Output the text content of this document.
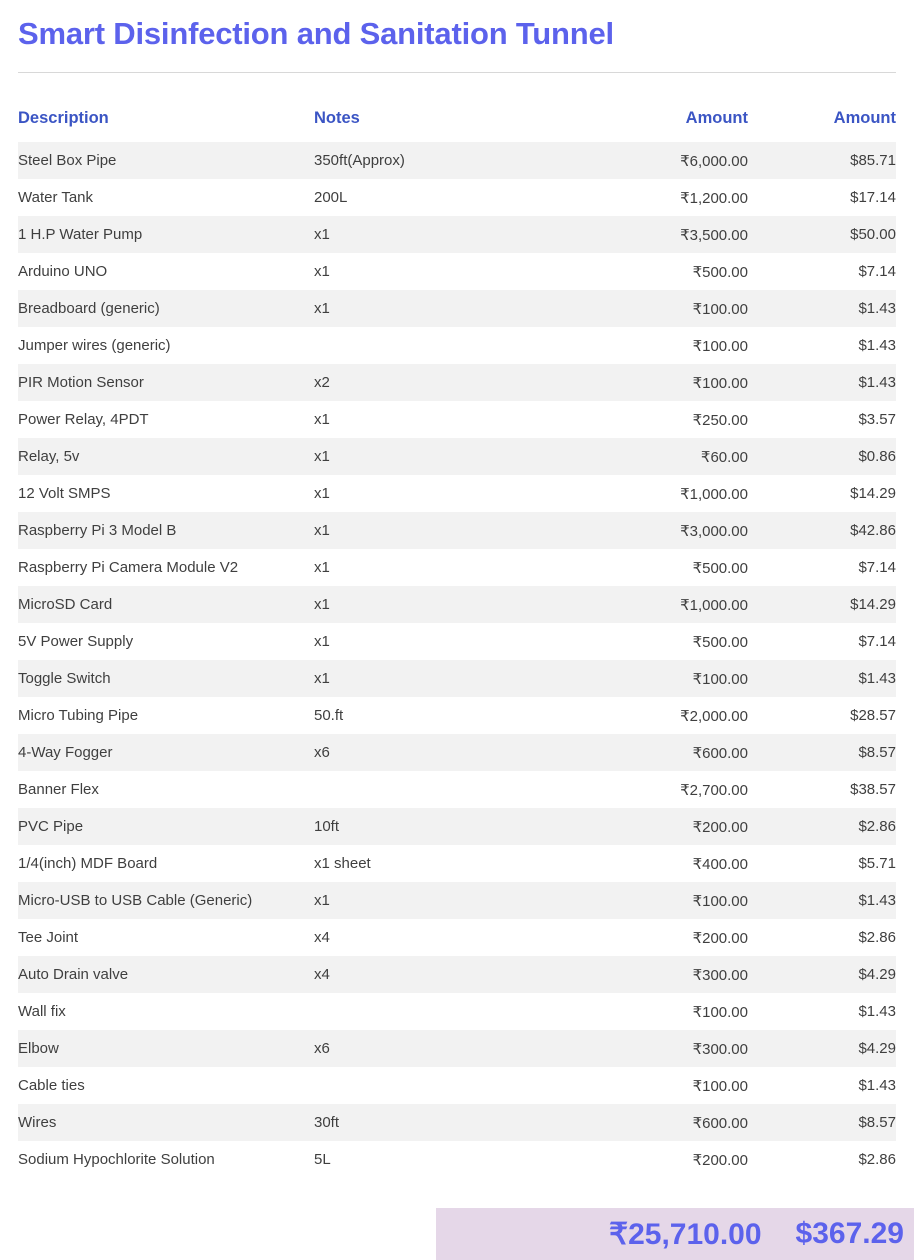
Smart Disinfection and Sanitation Tunnel
Description	Notes	Amount	Amount
Steel Box Pipe	350ft(Approx)	₹6,000.00	$85.71
Water Tank	200L	₹1,200.00	$17.14
1 H.P Water Pump	x1	₹3,500.00	$50.00
Arduino UNO	x1	₹500.00	$7.14
Breadboard (generic)	x1	₹100.00	$1.43
Jumper wires (generic)		₹100.00	$1.43
PIR Motion Sensor	x2	₹100.00	$1.43
Power Relay, 4PDT	x1	₹250.00	$3.57
Relay, 5v	x1	₹60.00	$0.86
12 Volt SMPS	x1	₹1,000.00	$14.29
Raspberry Pi 3 Model B	x1	₹3,000.00	$42.86
Raspberry Pi Camera Module V2	x1	₹500.00	$7.14
MicroSD Card	x1	₹1,000.00	$14.29
5V Power Supply	x1	₹500.00	$7.14
Toggle Switch	x1	₹100.00	$1.43
Micro Tubing Pipe	50.ft	₹2,000.00	$28.57
4-Way Fogger	x6	₹600.00	$8.57
Banner Flex		₹2,700.00	$38.57
PVC Pipe	10ft	₹200.00	$2.86
1/4(inch) MDF Board	x1 sheet	₹400.00	$5.71
Micro-USB to USB Cable (Generic)	x1	₹100.00	$1.43
Tee Joint	x4	₹200.00	$2.86
Auto Drain valve	x4	₹300.00	$4.29
Wall fix		₹100.00	$1.43
Elbow	x6	₹300.00	$4.29
Cable ties		₹100.00	$1.43
Wires	30ft	₹600.00	$8.57
Sodium Hypochlorite Solution	5L	₹200.00	$2.86
₹25,710.00 $367.29
